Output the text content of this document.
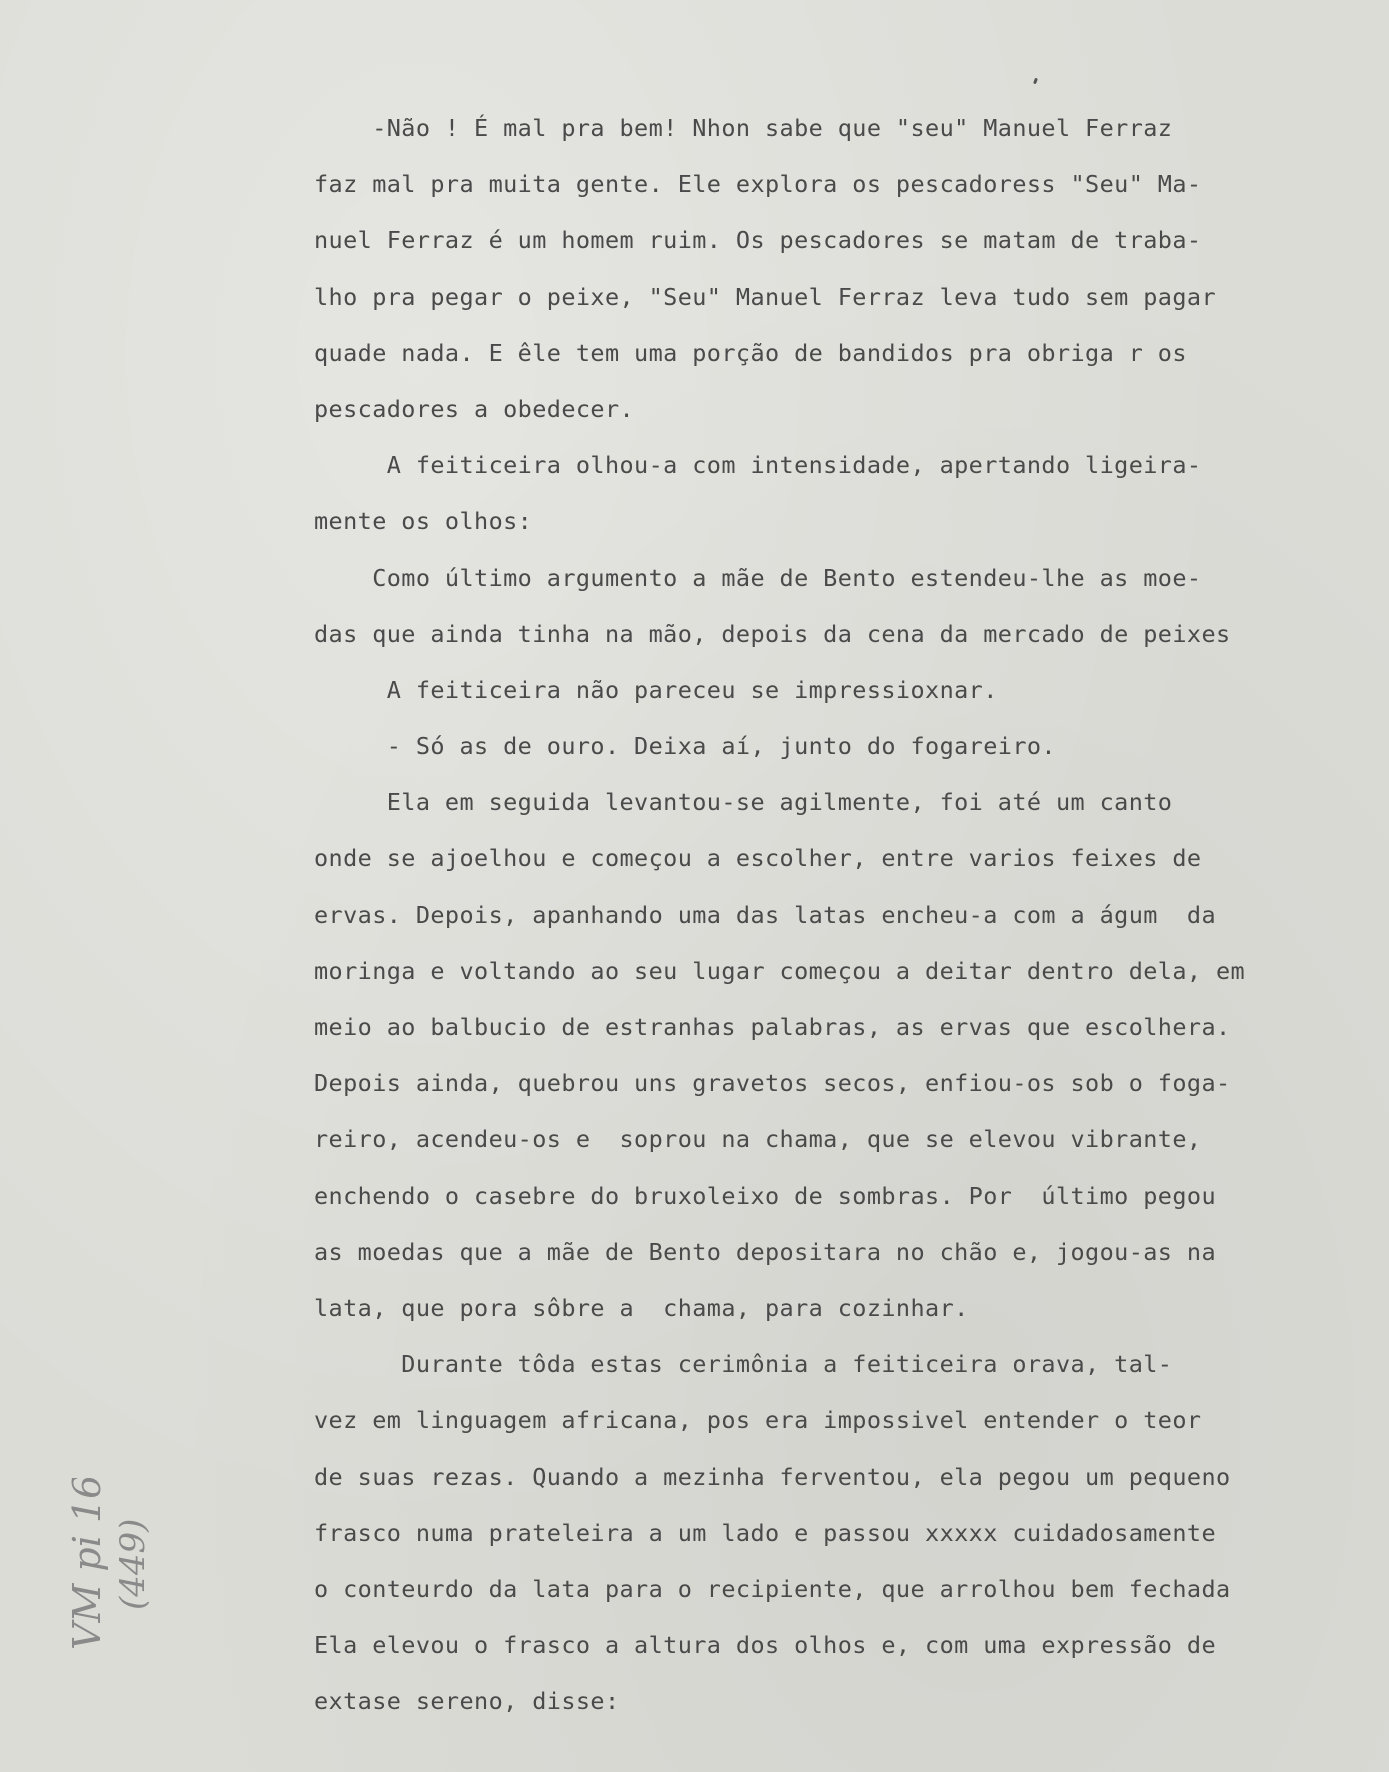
-Não ! É mal pra bem! Nhon sabe que "seu" Manuel Ferraz
faz mal pra muita gente. Ele explora os pescadoress "Seu" Ma-
nuel Ferraz é um homem ruim. Os pescadores se matam de traba-
lho pra pegar o peixe, "Seu" Manuel Ferraz leva tudo sem pagar
quade nada. E êle tem uma porção de bandidos pra obriga r os
pescadores a obedecer.
A feiticeira olhou-a com intensidade, apertando ligeira-
mente os olhos:
Como último argumento a mãe de Bento estendeu-lhe as moe-
das que ainda tinha na mão, depois da cena da mercado de peixes
A feiticeira não pareceu se impressioxnar.
- Só as de ouro. Deixa aí, junto do fogareiro.
Ela em seguida levantou-se agilmente, foi até um canto
onde se ajoelhou e começou a escolher, entre varios feixes de
ervas. Depois, apanhando uma das latas encheu-a com a águm  da
moringa e voltando ao seu lugar começou a deitar dentro dela, em
meio ao balbucio de estranhas palabras, as ervas que escolhera.
Depois ainda, quebrou uns gravetos secos, enfiou-os sob o foga-
reiro, acendeu-os e  soprou na chama, que se elevou vibrante,
enchendo o casebre do bruxoleixo de sombras. Por  último pegou
as moedas que a mãe de Bento depositara no chão e, jogou-as na
lata, que pora sôbre a  chama, para cozinhar.
Durante tôda estas cerimônia a feiticeira orava, tal-
vez em linguagem africana, pos era impossivel entender o teor
de suas rezas. Quando a mezinha ferventou, ela pegou um pequeno
frasco numa prateleira a um lado e passou xxxxx cuidadosamente
o conteurdo da lata para o recipiente, que arrolhou bem fechada
Ela elevou o frasco a altura dos olhos e, com uma expressão de
extase sereno, disse:
VM pi 163 (449)
